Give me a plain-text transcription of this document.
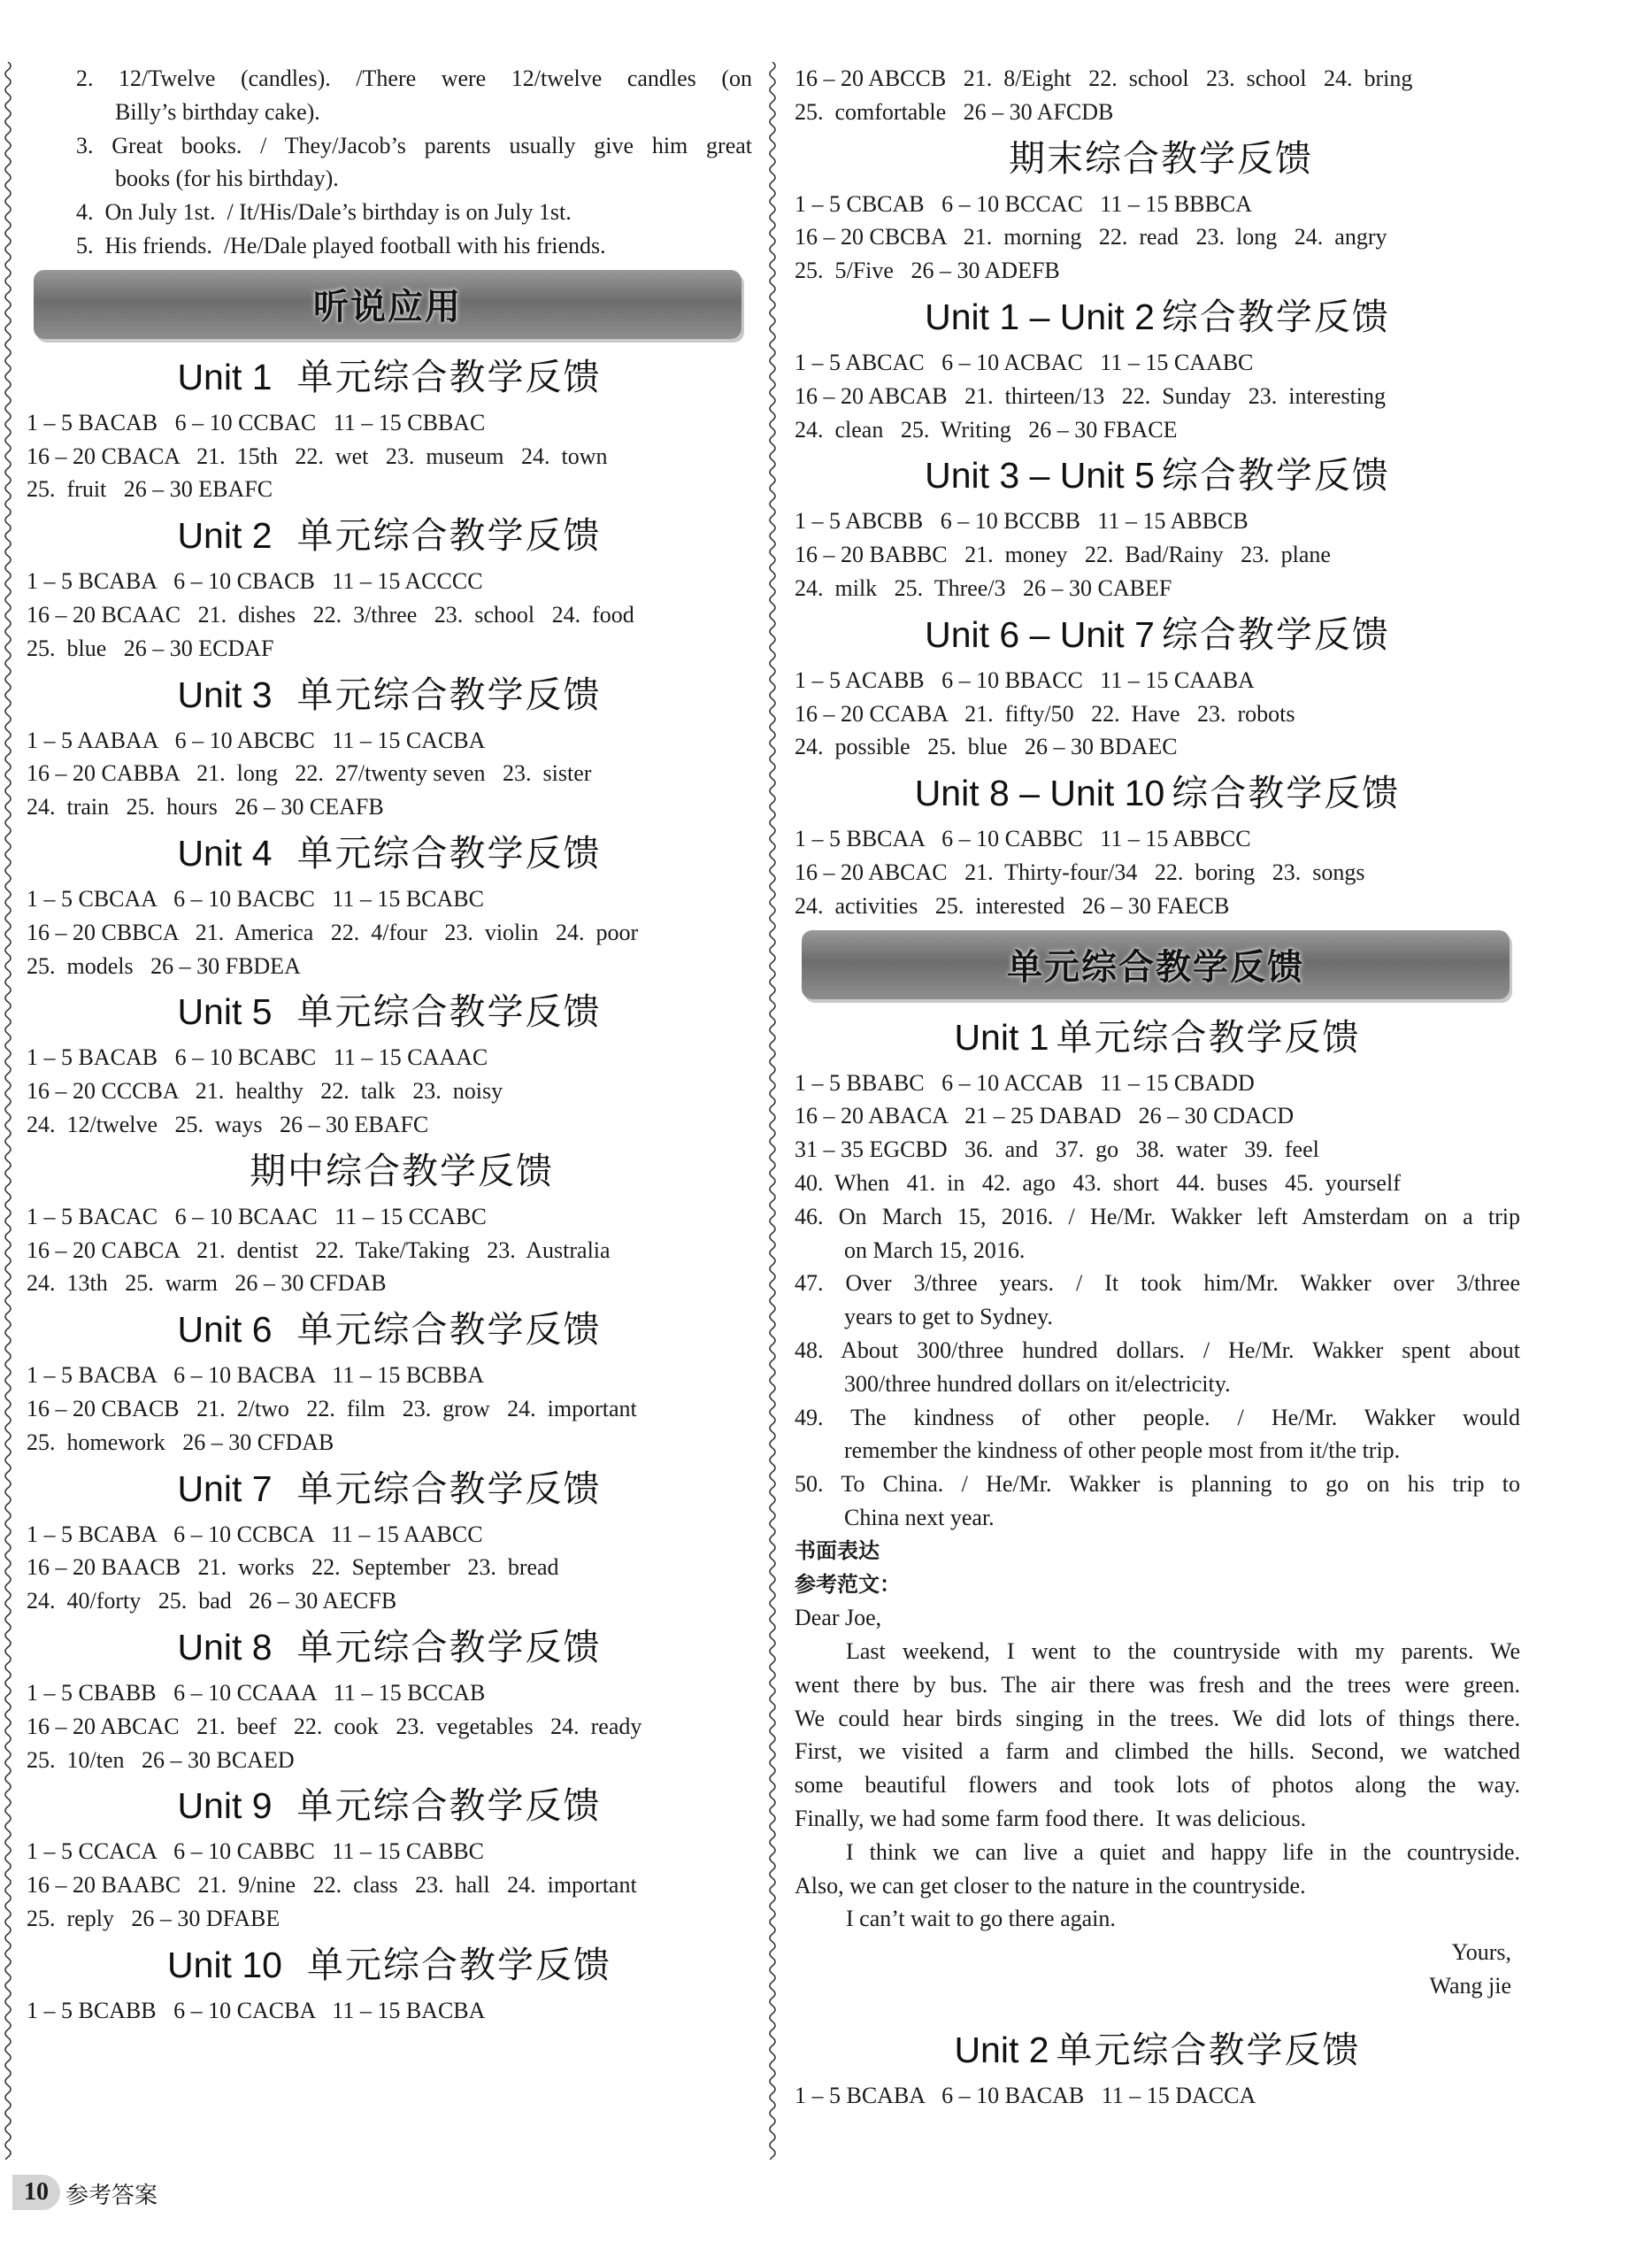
2. 12/Twelve (candles). /There were 12/twelve candles (on
Billy’s birthday cake).
3. Great books. / They/Jacob’s parents usually give him great
books (for his birthday).
4.  On July 1st.  / It/His/Dale’s birthday is on July 1st.
5.  His friends.  /He/Dale played football with his friends.
听说应用
Unit 1 单元综合教学反馈
1 – 5 BACAB   6 – 10 CCBAC   11 – 15 CBBAC
16 – 20 CBACA   21.  15th   22.  wet   23.  museum   24.  town
25.  fruit   26 – 30 EBAFC
Unit 2 单元综合教学反馈
1 – 5 BCABA   6 – 10 CBACB   11 – 15 ACCCC
16 – 20 BCAAC   21.  dishes   22.  3/three   23.  school   24.  food
25.  blue   26 – 30 ECDAF
Unit 3 单元综合教学反馈
1 – 5 AABAA   6 – 10 ABCBC   11 – 15 CACBA
16 – 20 CABBA   21.  long   22.  27/twenty seven   23.  sister
24.  train   25.  hours   26 – 30 CEAFB
Unit 4 单元综合教学反馈
1 – 5 CBCAA   6 – 10 BACBC   11 – 15 BCABC
16 – 20 CBBCA   21.  America   22.  4/four   23.  violin   24.  poor
25.  models   26 – 30 FBDEA
Unit 5 单元综合教学反馈
1 – 5 BACAB   6 – 10 BCABC   11 – 15 CAAAC
16 – 20 CCCBA   21.  healthy   22.  talk   23.  noisy
24.  12/twelve   25.  ways   26 – 30 EBAFC
期中综合教学反馈
1 – 5 BACAC   6 – 10 BCAAC   11 – 15 CCABC
16 – 20 CABCA   21.  dentist   22.  Take/Taking   23.  Australia
24.  13th   25.  warm   26 – 30 CFDAB
Unit 6 单元综合教学反馈
1 – 5 BACBA   6 – 10 BACBA   11 – 15 BCBBA
16 – 20 CBACB   21.  2/two   22.  film   23.  grow   24.  important
25.  homework   26 – 30 CFDAB
Unit 7 单元综合教学反馈
1 – 5 BCABA   6 – 10 CCBCA   11 – 15 AABCC
16 – 20 BAACB   21.  works   22.  September   23.  bread
24.  40/forty   25.  bad   26 – 30 AECFB
Unit 8 单元综合教学反馈
1 – 5 CBABB   6 – 10 CCAAA   11 – 15 BCCAB
16 – 20 ABCAC   21.  beef   22.  cook   23.  vegetables   24.  ready
25.  10/ten   26 – 30 BCAED
Unit 9 单元综合教学反馈
1 – 5 CCACA   6 – 10 CABBC   11 – 15 CABBC
16 – 20 BAABC   21.  9/nine   22.  class   23.  hall   24.  important
25.  reply   26 – 30 DFABE
Unit 10 单元综合教学反馈
1 – 5 BCABB   6 – 10 CACBA   11 – 15 BACBA
16 – 20 ABCCB   21.  8/Eight   22.  school   23.  school   24.  bring
25.  comfortable   26 – 30 AFCDB
期末综合教学反馈
1 – 5 CBCAB   6 – 10 BCCAC   11 – 15 BBBCA
16 – 20 CBCBA   21.  morning   22.  read   23.  long   24.  angry
25.  5/Five   26 – 30 ADEFB
Unit 1 – Unit 2 综合教学反馈
1 – 5 ABCAC   6 – 10 ACBAC   11 – 15 CAABC
16 – 20 ABCAB   21.  thirteen/13   22.  Sunday   23.  interesting
24.  clean   25.  Writing   26 – 30 FBACE
Unit 3 – Unit 5 综合教学反馈
1 – 5 ABCBB   6 – 10 BCCBB   11 – 15 ABBCB
16 – 20 BABBC   21.  money   22.  Bad/Rainy   23.  plane
24.  milk   25.  Three/3   26 – 30 CABEF
Unit 6 – Unit 7 综合教学反馈
1 – 5 ACABB   6 – 10 BBACC   11 – 15 CAABA
16 – 20 CCABA   21.  fifty/50   22.  Have   23.  robots
24.  possible   25.  blue   26 – 30 BDAEC
Unit 8 – Unit 10 综合教学反馈
1 – 5 BBCAA   6 – 10 CABBC   11 – 15 ABBCC
16 – 20 ABCAC   21.  Thirty-four/34   22.  boring   23.  songs
24.  activities   25.  interested   26 – 30 FAECB
单元综合教学反馈
Unit 1 单元综合教学反馈
1 – 5 BBABC   6 – 10 ACCAB   11 – 15 CBADD
16 – 20 ABACA   21 – 25 DABAD   26 – 30 CDACD
31 – 35 EGCBD   36.  and   37.  go   38.  water   39.  feel
40.  When   41.  in   42.  ago   43.  short   44.  buses   45.  yourself
46. On March 15, 2016. / He/Mr. Wakker left Amsterdam on a trip
on March 15, 2016.
47. Over 3/three years. / It took him/Mr. Wakker over 3/three
years to get to Sydney.
48. About 300/three hundred dollars. / He/Mr. Wakker spent about
300/three hundred dollars on it/electricity.
49. The kindness of other people. / He/Mr. Wakker would
remember the kindness of other people most from it/the trip.
50. To China. / He/Mr. Wakker is planning to go on his trip to
China next year.
书面表达
参考范文：
Dear Joe,
Last weekend, I went to the countryside with my parents. We
went there by bus. The air there was fresh and the trees were green.
We could hear birds singing in the trees. We did lots of things there.
First, we visited a farm and climbed the hills. Second, we watched
some beautiful flowers and took lots of photos along the way.
Finally, we had some farm food there.  It was delicious.
I think we can live a quiet and happy life in the countryside.
Also, we can get closer to the nature in the countryside.
I can’t wait to go there again.
Yours,
Wang jie
Unit 2 单元综合教学反馈
1 – 5 BCABA   6 – 10 BACAB   11 – 15 DACCA
10 参考答案
